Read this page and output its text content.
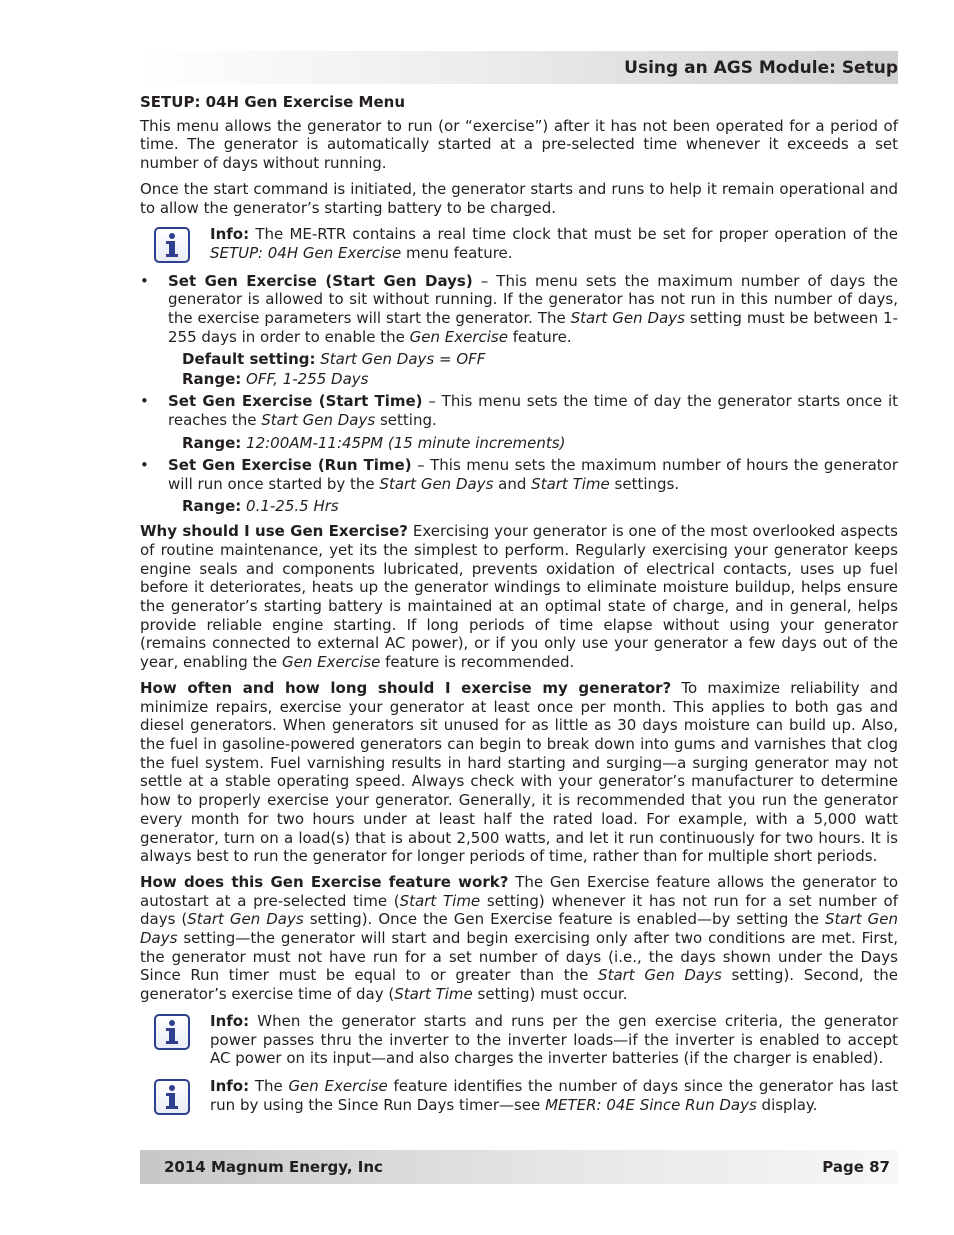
Using an AGS Module: Setup

SETUP: 04H Gen Exercise Menu

This menu allows the generator to run (or “exercise”) after it has not been operated for a period of time. The generator is automatically started at a pre-selected time whenever it exceeds a set number of days without running.

Once the start command is initiated, the generator starts and runs to help it remain operational and to allow the generator’s starting battery to be charged.

Info: The ME-RTR contains a real time clock that must be set for proper operation of the SETUP: 04H Gen Exercise menu feature.

• Set Gen Exercise (Start Gen Days) – This menu sets the maximum number of days the generator is allowed to sit without running. If the generator has not run in this number of days, the exercise parameters will start the generator. The Start Gen Days setting must be between 1-255 days in order to enable the Gen Exercise feature.

Default setting: Start Gen Days = OFF
Range: OFF, 1-255 Days
• Set Gen Exercise (Start Time) – This menu sets the time of day the generator starts once it reaches the Start Gen Days setting.

Range: 12:00AM-11:45PM (15 minute increments)
• Set Gen Exercise (Run Time) – This menu sets the maximum number of hours the generator will run once started by the Start Gen Days and Start Time settings.

Range: 0.1-25.5 Hrs

Why should I use Gen Exercise? Exercising your generator is one of the most overlooked aspects of routine maintenance, yet its the simplest to perform. Regularly exercising your generator keeps engine seals and components lubricated, prevents oxidation of electrical contacts, uses up fuel before it deteriorates, heats up the generator windings to eliminate moisture buildup, helps ensure the generator’s starting battery is maintained at an optimal state of charge, and in general, helps provide reliable engine starting. If long periods of time elapse without using your generator (remains connected to external AC power), or if you only use your generator a few days out of the year, enabling the Gen Exercise feature is recommended.

How often and how long should I exercise my generator? To maximize reliability and minimize repairs, exercise your generator at least once per month. This applies to both gas and diesel generators. When generators sit unused for as little as 30 days moisture can build up. Also, the fuel in gasoline-powered generators can begin to break down into gums and varnishes that clog the fuel system. Fuel varnishing results in hard starting and surging—a surging generator may not settle at a stable operating speed. Always check with your generator’s manufacturer to determine how to properly exercise your generator. Generally, it is recommended that you run the generator every month for two hours under at least half the rated load. For example, with a 5,000 watt generator, turn on a load(s) that is about 2,500 watts, and let it run continuously for two hours. It is always best to run the generator for longer periods of time, rather than for multiple short periods.

How does this Gen Exercise feature work? The Gen Exercise feature allows the generator to autostart at a pre-selected time (Start Time setting) whenever it has not run for a set number of days (Start Gen Days setting). Once the Gen Exercise feature is enabled—by setting the Start Gen Days setting—the generator will start and begin exercising only after two conditions are met. First, the generator must not have run for a set number of days (i.e., the days shown under the Days Since Run timer must be equal to or greater than the Start Gen Days setting). Second, the generator’s exercise time of day (Start Time setting) must occur.

Info: When the generator starts and runs per the gen exercise criteria, the generator power passes thru the inverter to the inverter loads—if the inverter is enabled to accept AC power on its input—and also charges the inverter batteries (if the charger is enabled).

Info: The Gen Exercise feature identifies the number of days since the generator has last run by using the Since Run Days timer—see METER: 04E Since Run Days display.

2014 Magnum Energy, Inc	Page 87
